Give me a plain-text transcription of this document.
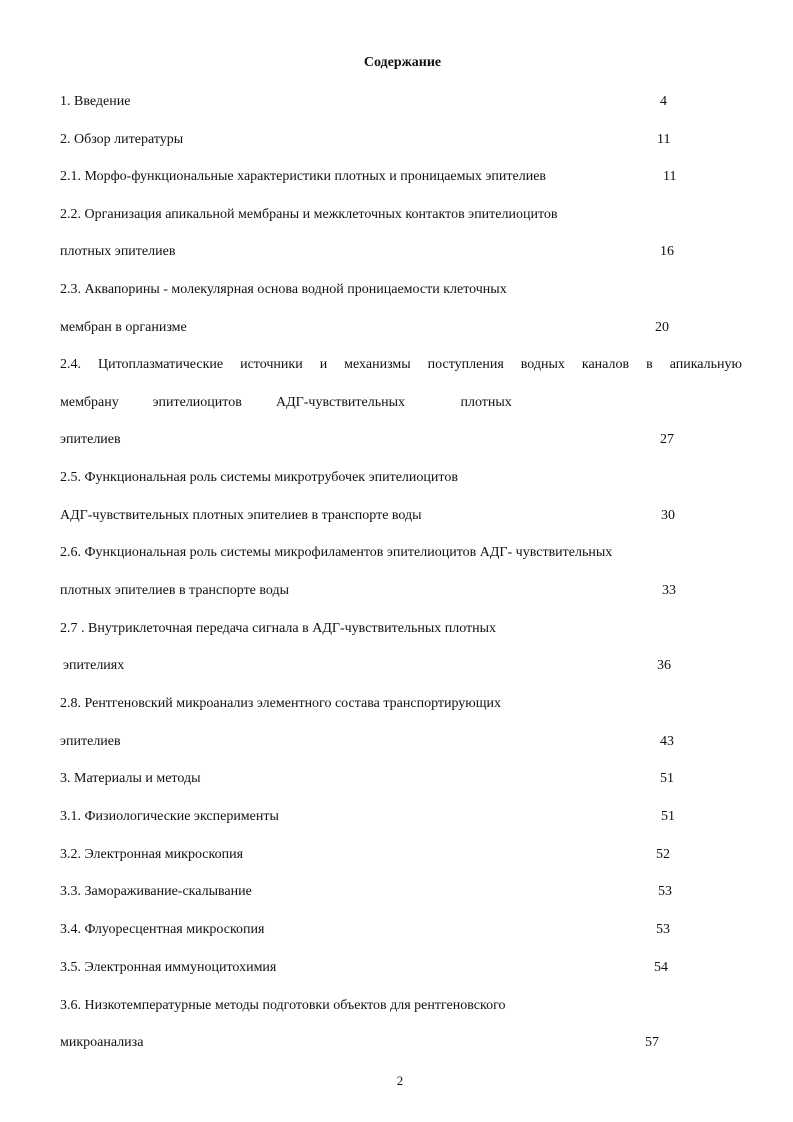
Содержание
1. Введение	4
2. Обзор литературы	11
2.1. Морфо-функциональные характеристики плотных и проницаемых эпителиев	11
2.2. Организация апикальной мембраны и межклеточных контактов эпителиоцитов
плотных эпителиев	16
2.3. Аквапорины - молекулярная основа водной проницаемости клеточных
мембран в организме	20
2.4. Цитоплазматические источники и механизмы поступления водных каналов в апикальную
мембрану эпителиоцитов АДГ-чувствительных	плотных
эпителиев	27
2.5. Функциональная роль системы микротрубочек эпителиоцитов
АДГ-чувствительных плотных эпителиев в транспорте воды	30
2.6. Функциональная роль системы микрофиламентов эпителиоцитов АДГ- чувствительных
плотных эпителиев в транспорте воды	33
2.7 . Внутриклеточная передача сигнала в АДГ-чувствительных плотных
эпителиях	36
2.8. Рентгеновский микроанализ элементного состава транспортирующих
эпителиев	43
3. Материалы и методы	51
3.1. Физиологические эксперименты	51
3.2. Электронная микроскопия	52
3.3. Замораживание-скалывание	53
3.4. Флуоресцентная микроскопия	53
3.5. Электронная иммуноцитохимия	54
3.6. Низкотемпературные методы подготовки объектов для рентгеновского
микроанализа	57
2
